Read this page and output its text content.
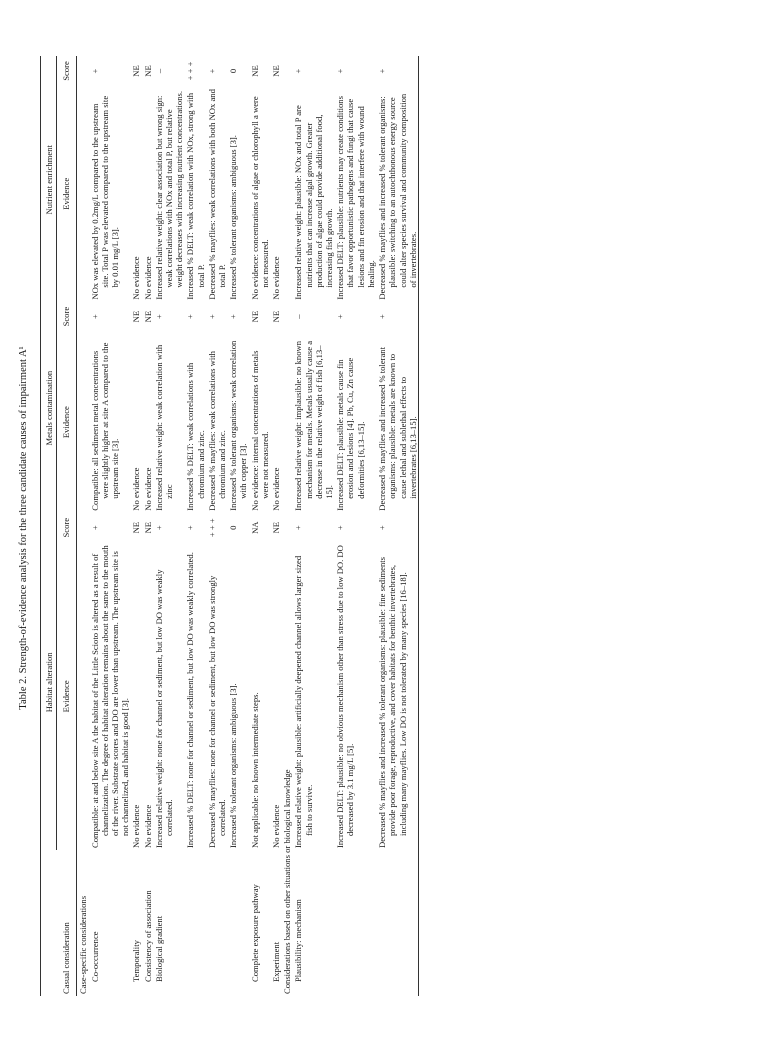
Table 2. Strength-of-evidence analysis for the three candidate causes of impairment A¹
	Habitat alteration		Metals contamination		Nutrient enrichment	
Casual consideration	Evidence	Score	Evidence	Score	Evidence	Score
Case-specific considerations						
Co-occurrence	Compatible: at and below site A the habitat of the Little Scioto is altered as a result of channelization. The degree of habitat alteration remains about the same to the mouth of the river. Substrate scores and DO are lower than upstream. The upstream site is not channelized, and habitat is good [3].	+	Compatible: all sediment metal concentrations were slightly higher at site A compared to the upstream site [3].	+	NOx was elevated by 0.2mg/L compared to the upstream site. Total P was elevated compared to the upstream site by 0.01 mg/L [3].	+
Temporality	No evidence	NE	No evidence	NE	No evidence	NE
Consistency of association	No evidence	NE	No evidence	NE	No evidence	NE
Biological gradient	Increased relative weight: none for channel or sediment, but low DO was weakly correlated.	+	Increased relative weight: weak correlation with zinc	+	Increased relative weight: clear association but wrong sign: weak correlations with NOx and total P, but relative weight decreases with increasing nutrient concentrations.	–
	Increased % DELT: none for channel or sediment, but low DO was weakly correlated.	+	Increased % DELT: weak correlations with chromium and zinc.	+	Increased % DELT: weak correlation with NOx, strong with total P.	+ + +
	Decreased % mayflies: none for channel or sediment, but low DO was strongly correlated.	+ + +	Decreased % mayflies: weak correlations with chromium and zinc.	+	Decreased % mayflies: weak correlations with both NOx and total P.	+
	Increased % tolerant organisms: ambiguous [3].	0	Increased % tolerant organisms: weak correlation with copper [3].	+	Increased % tolerant organisms: ambiguous [3].	0
Complete exposure pathway	Not applicable: no known intermediate steps.	NA	No evidence: internal concentrations of metals were not measured.	NE	No evidence: concentrations of algae or chlorophyll a were not measured.	NE
Experiment	No evidence	NE	No evidence	NE	No evidence	NE
Considerations based on other situations or biological knowledge						
Plausibility: mechanism	Increased relative weight: plausible: artificially deepened channel allows larger sized fish to survive.	+	Increased relative weight: implausible: no known mechanism for metals. Metals usually cause a decrease in the relative weight of fish [6,13–15].	–	Increased relative weight: plausible: NOx and total P are nutrients that can increase algal growth. Greater production of algae could provide additional food, increasing fish growth.	+
	Increased DELT: plausible: no obvious mechanism other than stress due to low DO. DO decreased by 3.1 mg/L [5].	+	Increased DELT: plausible: metals cause fin erosion and lesions [4]. Pb, Cu, Zn cause deformities [6,13–15].	+	Increased DELT: plausible: nutrients may create conditions that favor opportunistic pathogens and fungi that cause lesions and fin erosion and that interfere with wound healing.	+
	Decreased % mayflies and increased % tolerant organisms: plausible: fine sediments provide poor forage, reproductive, and cover habitats for benthic invertebrates, including many mayflies. Low DO is not tolerated by many species [16–18].	+	Decreased % mayflies and increased % tolerant organisms: plausible: metals are known to cause lethal and sublethal effects to invertebrates [6,13–15].	+	Decreased % mayflies and increased % tolerant organisms: plausible: switching to an autochthonous energy source could alter species survival and community composition of invertebrates.	+
